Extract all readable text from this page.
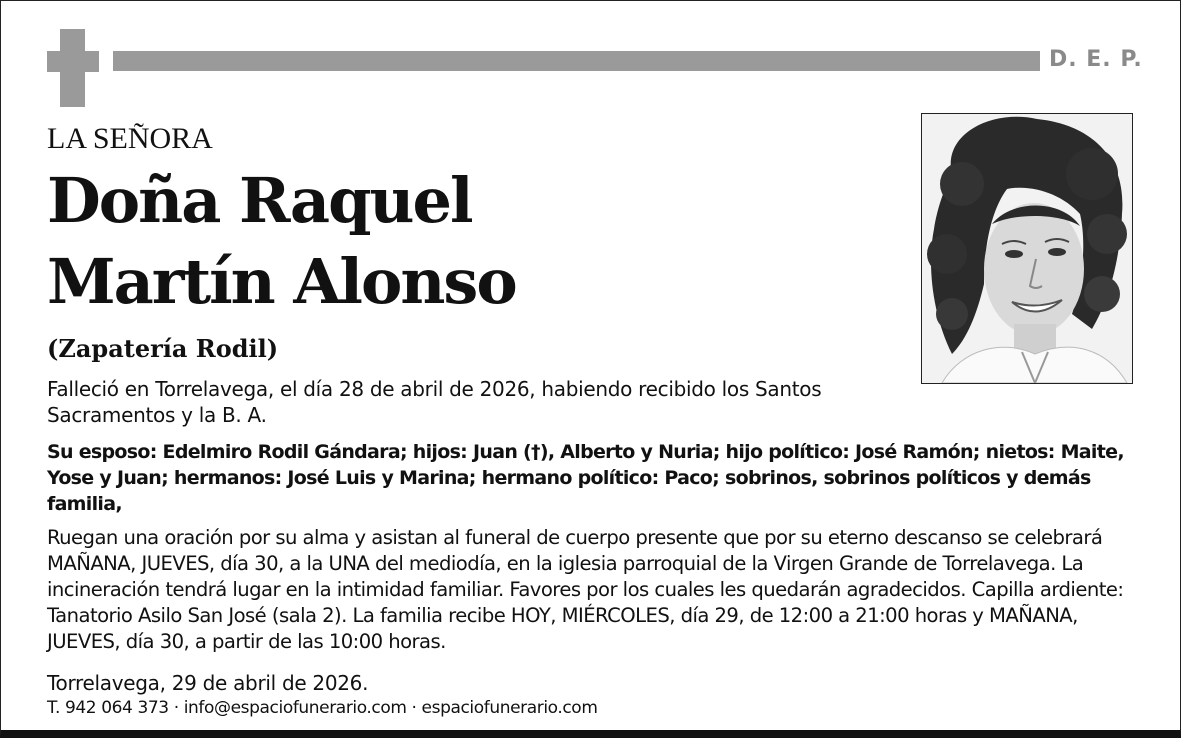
D. E. P.
LA SEÑORA
Doña Raquel
Martín Alonso
(Zapatería Rodil)
Falleció en Torrelavega, el día 28 de abril de 2026, habiendo recibido los Santos Sacramentos y la B. A.
Su esposo: Edelmiro Rodil Gándara; hijos: Juan (†), Alberto y Nuria; hijo político: José Ramón; nietos: Maite, Yose y Juan; hermanos: José Luis y Marina; hermano político: Paco; sobrinos, sobrinos políticos y demás familia,
Ruegan una oración por su alma y asistan al funeral de cuerpo presente que por su eterno descanso se celebrará MAÑANA, JUEVES, día 30, a la UNA del mediodía, en la iglesia parroquial de la Virgen Grande de Torrelavega. La incineración tendrá lugar en la intimidad familiar. Favores por los cuales les quedarán agradecidos. Capilla ardiente: Tanatorio Asilo San José (sala 2). La familia recibe HOY, MIÉRCOLES, día 29, de 12:00 a 21:00 horas y MAÑANA, JUEVES, día 30, a partir de las 10:00 horas.
Torrelavega, 29 de abril de 2026.
T. 942 064 373 · info@espaciofunerario.com · espaciofunerario.com
